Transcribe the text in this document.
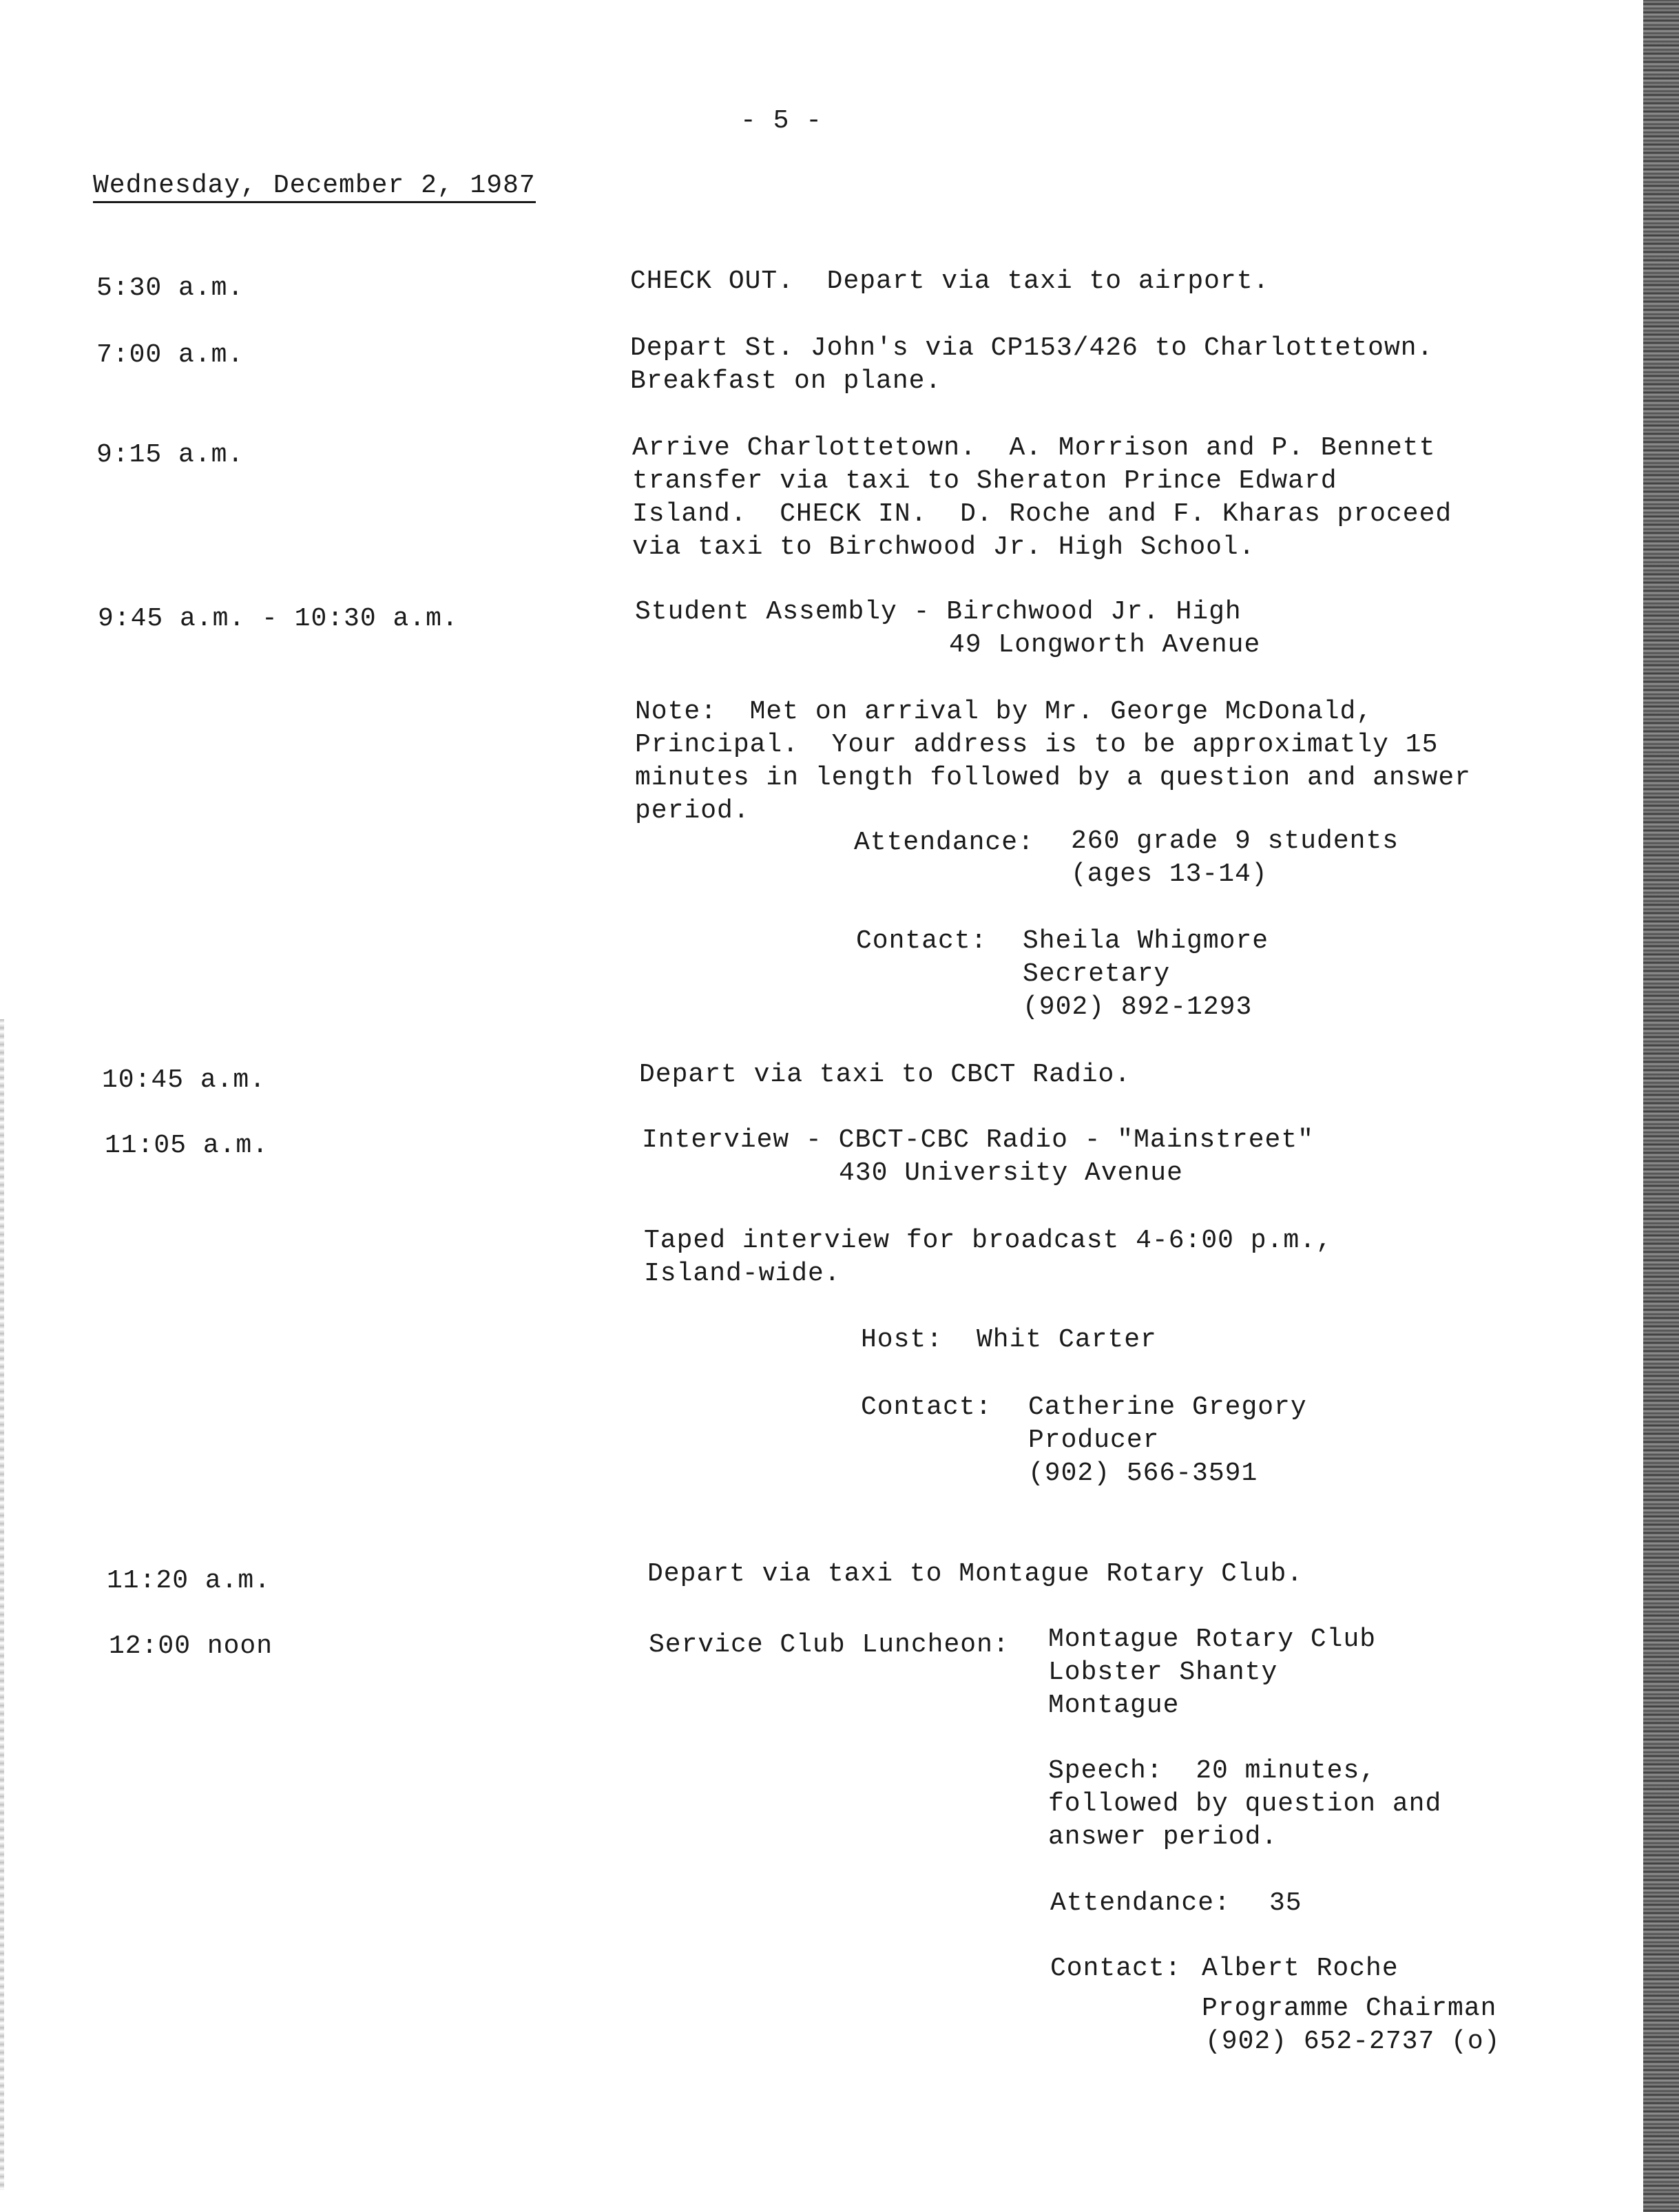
- 5 -
Wednesday, December 2, 1987
5:30 a.m.	CHECK OUT.  Depart via taxi to airport.
7:00 a.m.	Depart St. John's via CP153/426 to Charlottetown.
Breakfast on plane.
9:15 a.m.	Arrive Charlottetown.  A. Morrison and P. Bennett
transfer via taxi to Sheraton Prince Edward
Island.  CHECK IN.  D. Roche and F. Kharas proceed
via taxi to Birchwood Jr. High School.
9:45 a.m. - 10:30 a.m.	Student Assembly - Birchwood Jr. High
49 Longworth Avenue
Note:  Met on arrival by Mr. George McDonald,
Principal.  Your address is to be approximatly 15
minutes in length followed by a question and answer
period.
Attendance: 260 grade 9 students
(ages 13-14)
Contact: Sheila Whigmore
Secretary
(902) 892-1293
10:45 a.m.	Depart via taxi to CBCT Radio.
11:05 a.m.	Interview - CBCT-CBC Radio - "Mainstreet"
430 University Avenue
Taped interview for broadcast 4-6:00 p.m.,
Island-wide.
Host: Whit Carter
Contact: Catherine Gregory
Producer
(902) 566-3591
11:20 a.m.	Depart via taxi to Montague Rotary Club.
12:00 noon	Service Club Luncheon: Montague Rotary Club
Lobster Shanty
Montague
Speech:  20 minutes,
followed by question and
answer period.
Attendance: 35
Contact: Albert Roche
Programme Chairman
(902) 652-2737 (o)
